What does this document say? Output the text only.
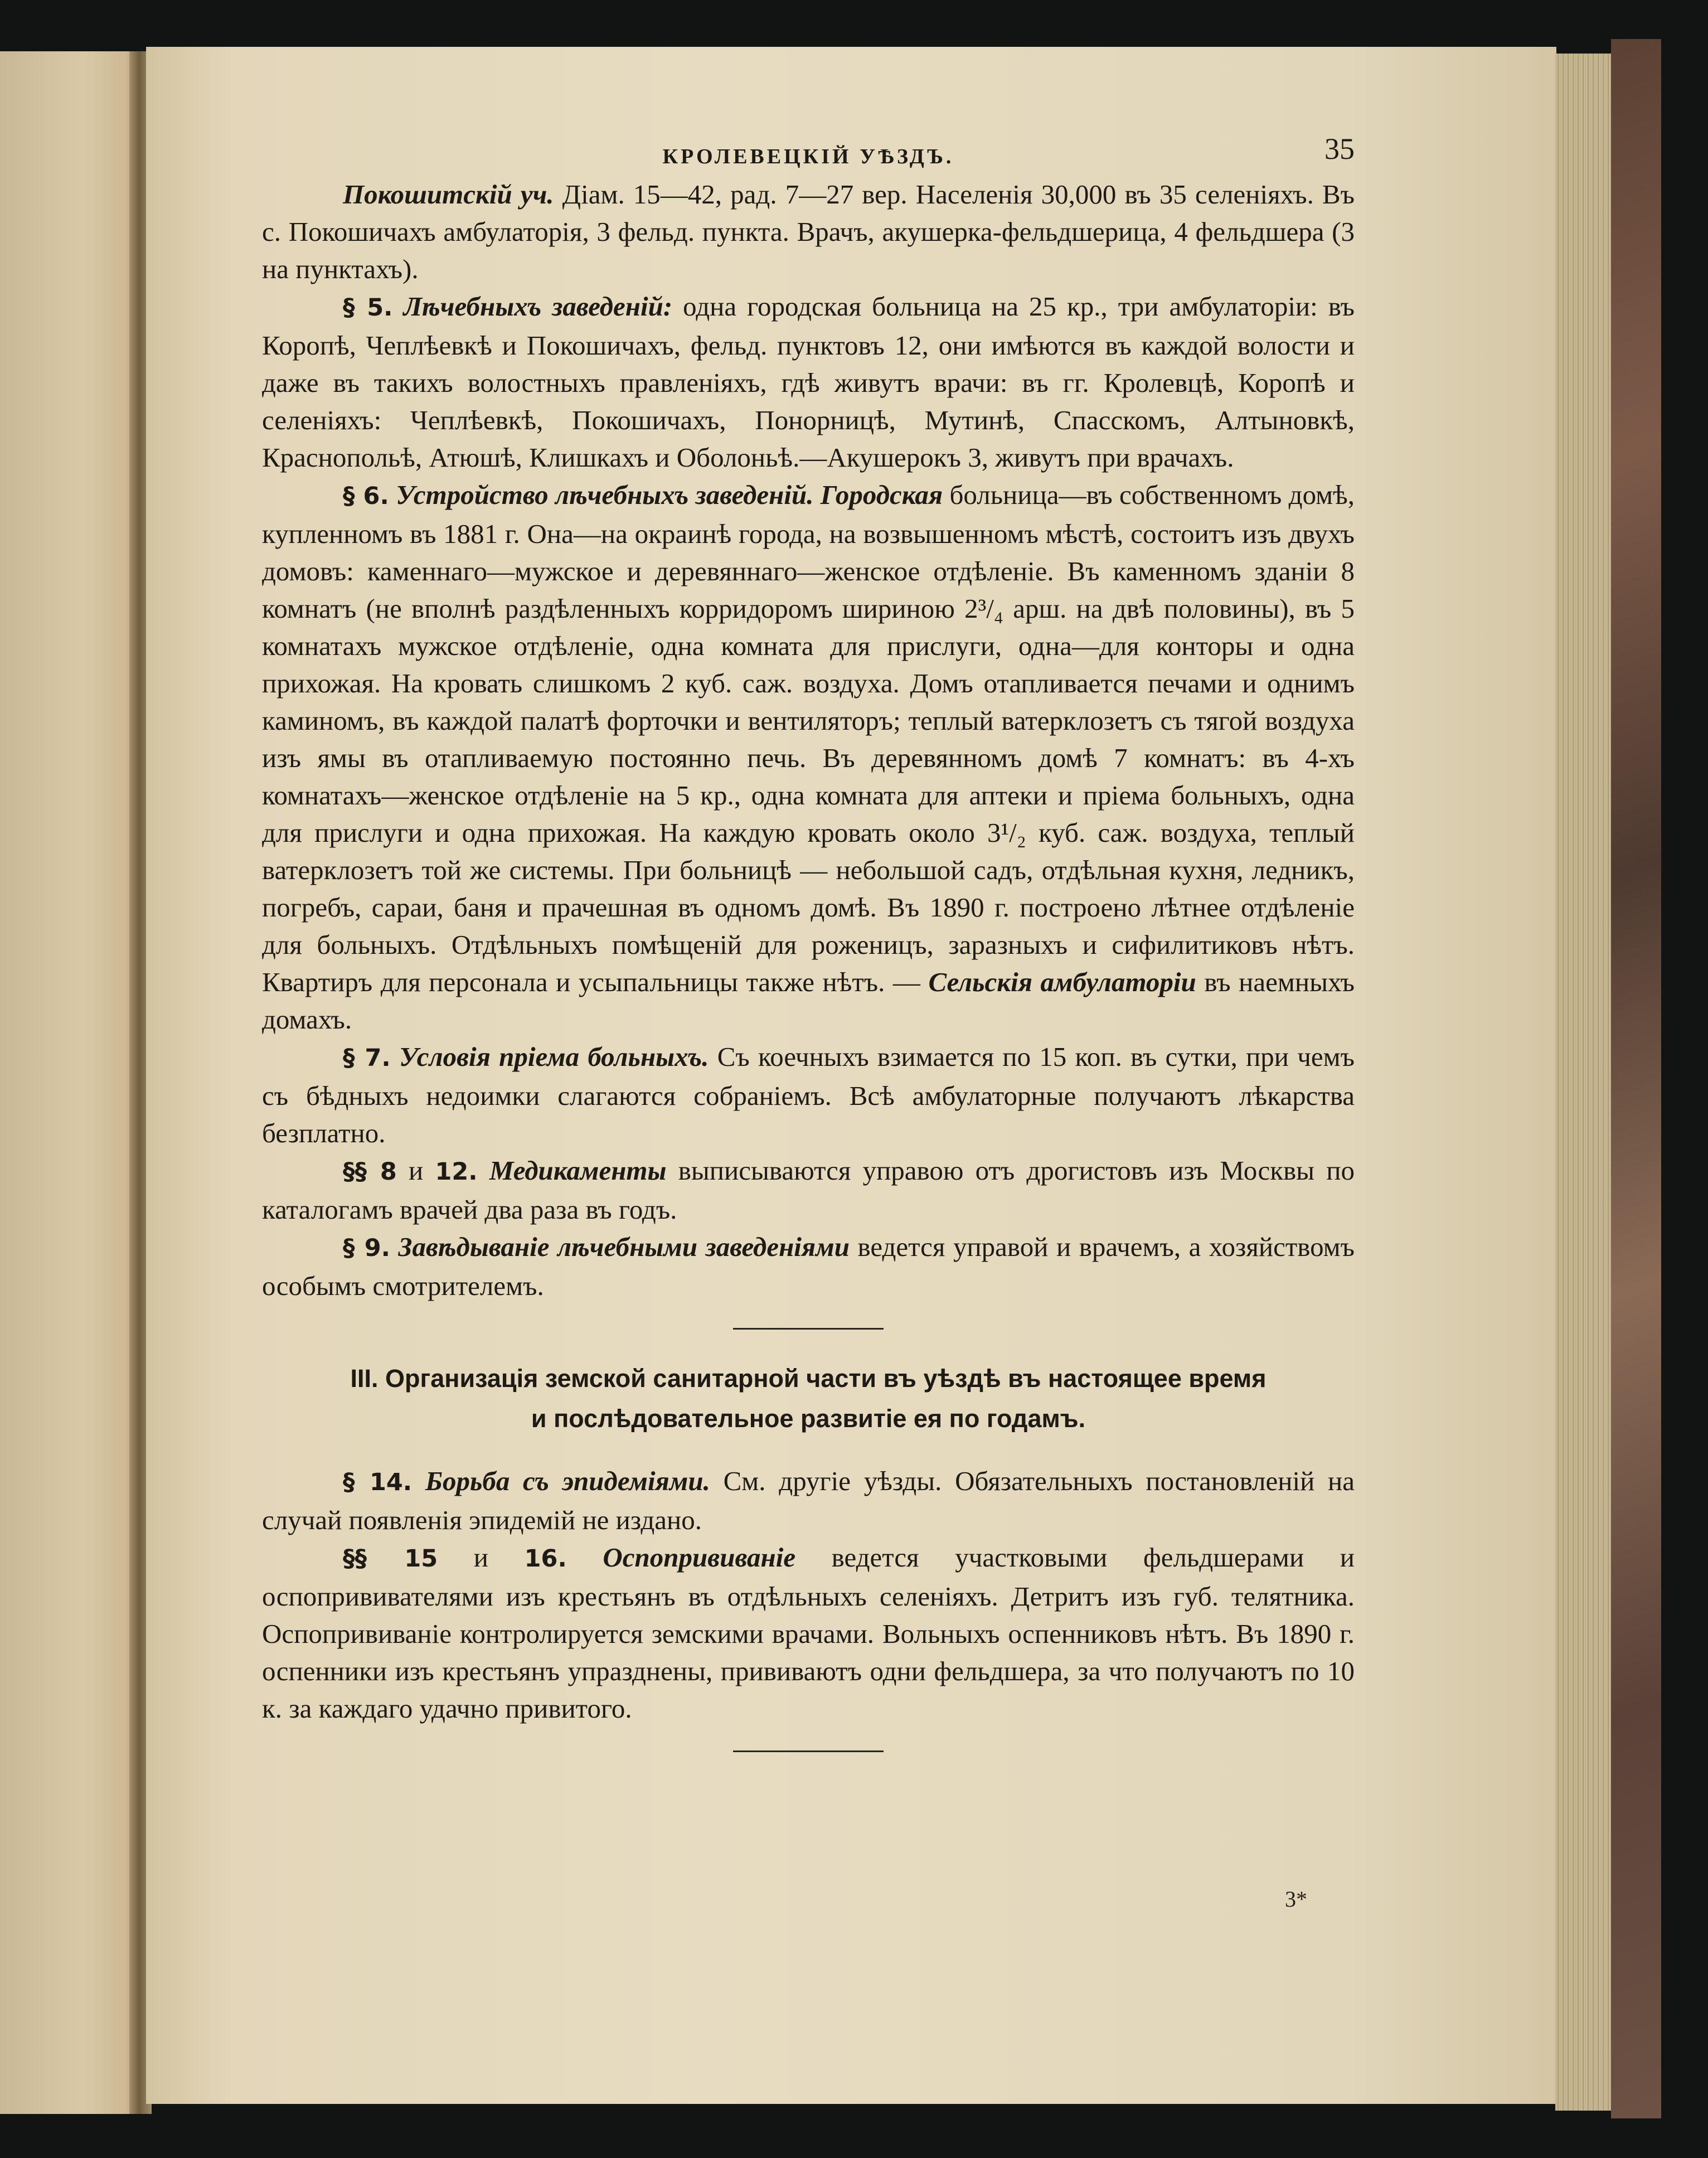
КРОЛЕВЕЦКІЙ УѢЗДЪ.	35

Покошитскій уч. Діам. 15—42, рад. 7—27 вер. Населенія 30,000 въ 35 селеніяхъ. Въ с. Покошичахъ амбулаторія, 3 фельд. пункта. Врачъ, акушерка-фельдшерица, 4 фельдшера (3 на пунктахъ).

§ 5. Лѣчебныхъ заведеній: одна городская больница на 25 кр., три амбулаторіи: въ Коропѣ, Чеплѣевкѣ и Покошичахъ, фельд. пунктовъ 12, они имѣются въ каждой волости и даже въ такихъ волостныхъ правленіяхъ, гдѣ живутъ врачи: въ гг. Кролевцѣ, Коропѣ и селеніяхъ: Чеплѣевкѣ, Покошичахъ, Понорницѣ, Мутинѣ, Спасскомъ, Алтыновкѣ, Краснопольѣ, Атюшѣ, Клишкахъ и Оболоньѣ.—Акушерокъ 3, живутъ при врачахъ.

§ 6. Устройство лѣчебныхъ заведеній. Городская больница—въ собственномъ домѣ, купленномъ въ 1881 г. Она—на окраинѣ города, на возвышенномъ мѣстѣ, состоитъ изъ двухъ домовъ: каменнаго—мужское и деревяннаго—женское отдѣленіе. Въ каменномъ зданіи 8 комнатъ (не вполнѣ раздѣленныхъ корридоромъ шириною 2³/₄ арш. на двѣ половины), въ 5 комнатахъ мужское отдѣленіе, одна комната для прислуги, одна—для конторы и одна прихожая. На кровать слишкомъ 2 куб. саж. воздуха. Домъ отапливается печами и однимъ каминомъ, въ каждой палатѣ форточки и вентиляторъ; теплый ватерклозетъ съ тягой воздуха изъ ямы въ отапливаемую постоянно печь. Въ деревянномъ домѣ 7 комнатъ: въ 4-хъ комнатахъ—женское отдѣленіе на 5 кр., одна комната для аптеки и пріема больныхъ, одна для прислуги и одна прихожая. На каждую кровать около 3¹/₂ куб. саж. воздуха, теплый ватерклозетъ той же системы. При больницѣ — небольшой садъ, отдѣльная кухня, ледникъ, погребъ, сараи, баня и прачешная въ одномъ домѣ. Въ 1890 г. построено лѣтнее отдѣленіе для больныхъ. Отдѣльныхъ помѣщеній для роженицъ, заразныхъ и сифилитиковъ нѣтъ. Квартиръ для персонала и усыпальницы также нѣтъ. — Сельскія амбулаторіи въ наемныхъ домахъ.

§ 7. Условія пріема больныхъ. Съ коечныхъ взимается по 15 коп. въ сутки, при чемъ съ бѣдныхъ недоимки слагаются собраніемъ. Всѣ амбулаторные получаютъ лѣкарства безплатно.

§§ 8 и 12. Медикаменты выписываются управою отъ дрогистовъ изъ Москвы по каталогамъ врачей два раза въ годъ.

§ 9. Завѣдываніе лѣчебными заведеніями ведется управой и врачемъ, а хозяйствомъ особымъ смотрителемъ.

III. Организація земской санитарной части въ уѣздѣ въ настоящее время
и послѣдовательное развитіе ея по годамъ.

§ 14. Борьба съ эпидеміями. См. другіе уѣзды. Обязательныхъ постановленій на случай появленія эпидемій не издано.

§§ 15 и 16. Оспопрививаніе ведется участковыми фельдшерами и оспопрививателями изъ крестьянъ въ отдѣльныхъ селеніяхъ. Детритъ изъ губ. телятника. Оспопрививаніе контролируется земскими врачами. Вольныхъ оспенниковъ нѣтъ. Въ 1890 г. оспенники изъ крестьянъ упразднены, прививаютъ одни фельдшера, за что получаютъ по 10 к. за каждаго удачно привитого.

3*
